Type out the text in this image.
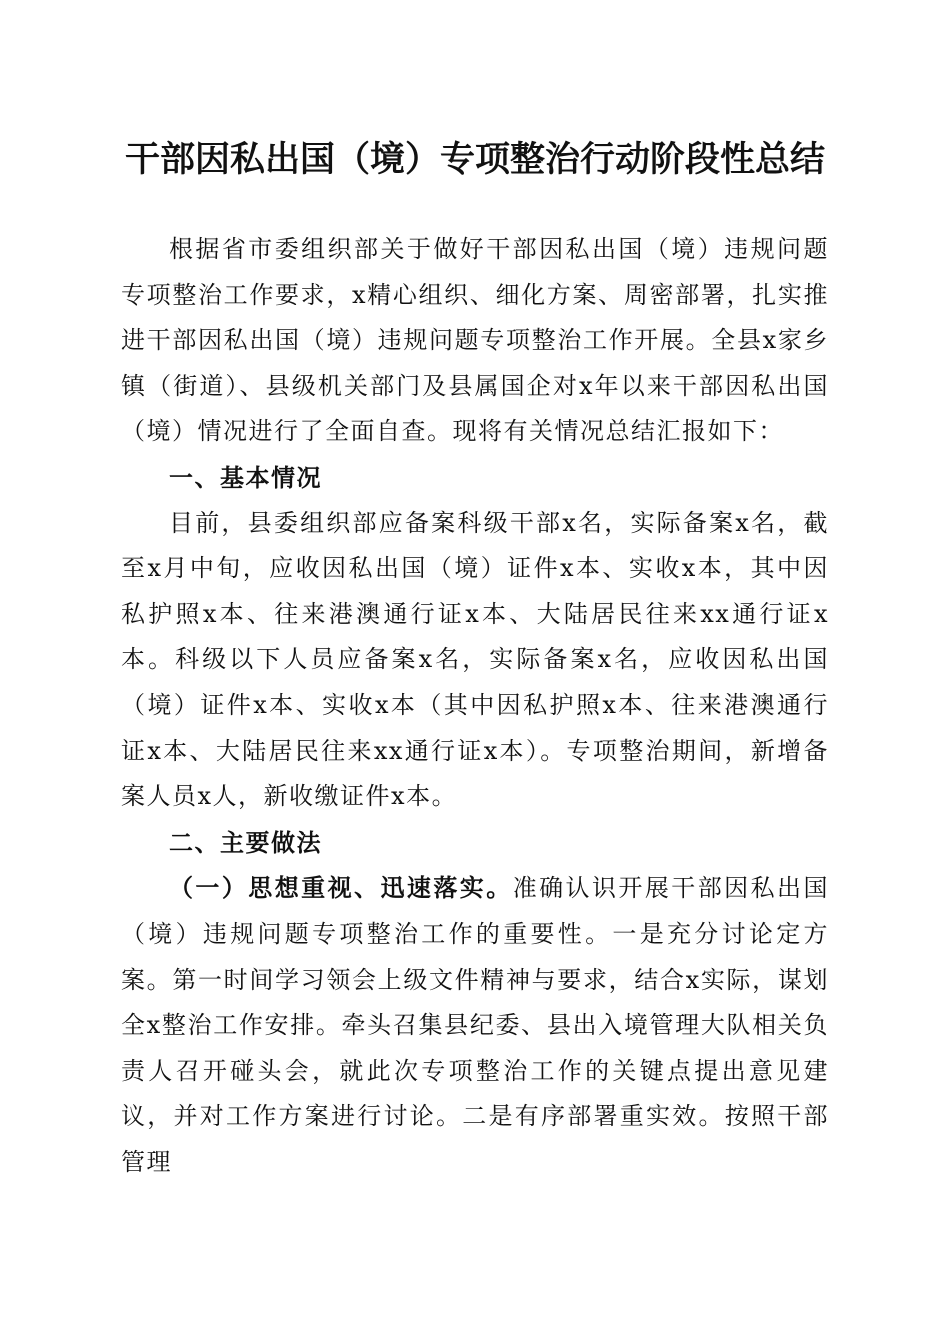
干部因私出国（境）专项整治行动阶段性总结

根据省市委组织部关于做好干部因私出国（境）违规问题专项整治工作要求，x精心组织、细化方案、周密部署，扎实推进干部因私出国（境）违规问题专项整治工作开展。全县x家乡镇（街道）、县级机关部门及县属国企对x年以来干部因私出国（境）情况进行了全面自查。现将有关情况总结汇报如下：

一、基本情况

目前，县委组织部应备案科级干部x名，实际备案x名，截至x月中旬，应收因私出国（境）证件x本、实收x本，其中因私护照x本、往来港澳通行证x本、大陆居民往来xx通行证x本。科级以下人员应备案x名，实际备案x名，应收因私出国（境）证件x本、实收x本（其中因私护照x本、往来港澳通行证x本、大陆居民往来xx通行证x本）。专项整治期间，新增备案人员x人，新收缴证件x本。

二、主要做法

（一）思想重视、迅速落实。准确认识开展干部因私出国（境）违规问题专项整治工作的重要性。一是充分讨论定方案。第一时间学习领会上级文件精神与要求，结合x实际，谋划全x整治工作安排。牵头召集县纪委、县出入境管理大队相关负责人召开碰头会，就此次专项整治工作的关键点提出意见建议，并对工作方案进行讨论。二是有序部署重实效。按照干部管理
